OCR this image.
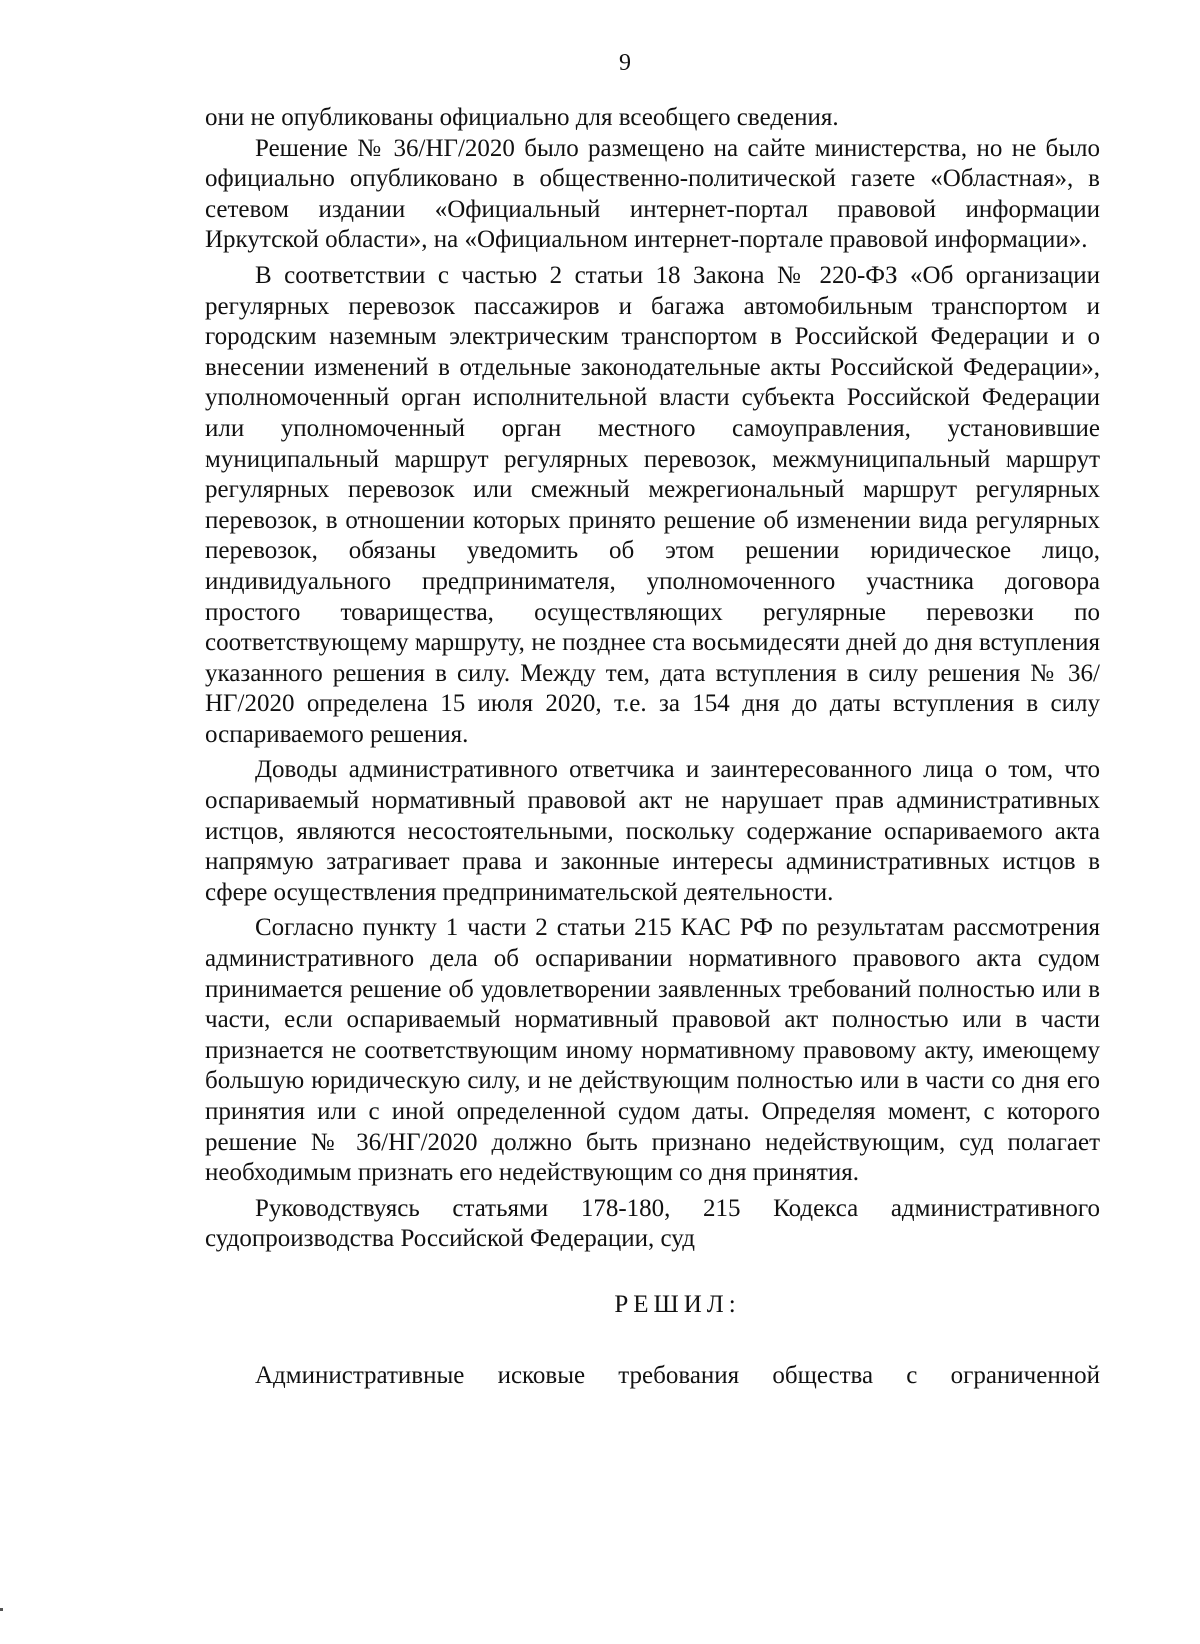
9

они не опубликованы официально для всеобщего сведения.

Решение № 36/НГ/2020 было размещено на сайте министерства, но не было официально опубликовано в общественно-политической газете «Областная», в сетевом издании «Официальный интернет-портал правовой информации Иркутской области», на «Официальном интернет-портале правовой информации».

В соответствии с частью 2 статьи 18 Закона № 220-ФЗ «Об организации регулярных перевозок пассажиров и багажа автомобильным транспортом и городским наземным электрическим транспортом в Российской Федерации и о внесении изменений в отдельные законодательные акты Российской Федерации», уполномоченный орган исполнительной власти субъекта Российской Федерации или уполномоченный орган местного самоуправления, установившие муниципальный маршрут регулярных перевозок, межмуниципальный маршрут регулярных перевозок или смежный межрегиональный маршрут регулярных перевозок, в отношении которых принято решение об изменении вида регулярных перевозок, обязаны уведомить об этом решении юридическое лицо, индивидуального предпринимателя, уполномоченного участника договора простого товарищества, осуществляющих регулярные перевозки по соответствующему маршруту, не позднее ста восьмидесяти дней до дня вступления указанного решения в силу. Между тем, дата вступления в силу решения № 36/НГ/2020 определена 15 июля 2020, т.е. за 154 дня до даты вступления в силу оспариваемого решения.

Доводы административного ответчика и заинтересованного лица о том, что оспариваемый нормативный правовой акт не нарушает прав административных истцов, являются несостоятельными, поскольку содержание оспариваемого акта напрямую затрагивает права и законные интересы административных истцов в сфере осуществления предпринимательской деятельности.

Согласно пункту 1 части 2 статьи 215 КАС РФ по результатам рассмотрения административного дела об оспаривании нормативного правового акта судом принимается решение об удовлетворении заявленных требований полностью или в части, если оспариваемый нормативный правовой акт полностью или в части признается не соответствующим иному нормативному правовому акту, имеющему большую юридическую силу, и не действующим полностью или в части со дня его принятия или с иной определенной судом даты. Определяя момент, с которого решение № 36/НГ/2020 должно быть признано недействующим, суд полагает необходимым признать его недействующим со дня принятия.

Руководствуясь статьями 178-180, 215 Кодекса административного судопроизводства Российской Федерации, суд

РЕШИЛ:

Административные исковые требования общества с ограниченной
